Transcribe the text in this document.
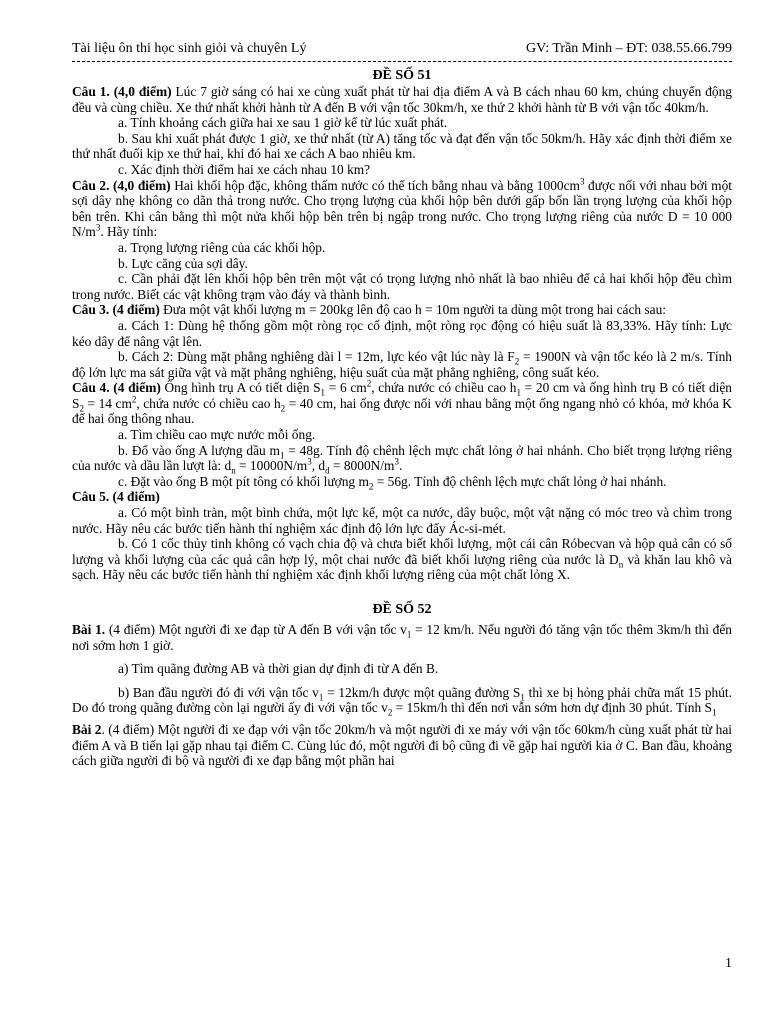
Tài liệu ôn thi học sinh giỏi và chuyên Lý	GV: Trần Minh – ĐT: 038.55.66.799
ĐỀ SỐ 51

Câu 1. (4,0 điểm) Lúc 7 giờ sáng có hai xe cùng xuất phát từ hai địa điểm A và B cách nhau 60 km, chúng chuyển động đều và cùng chiều. Xe thứ nhất khởi hành từ A đến B với vận tốc 30km/h, xe thứ 2 khởi hành từ B với vận tốc 40km/h.

a. Tính khoảng cách giữa hai xe sau 1 giờ kể từ lúc xuất phát.

b. Sau khi xuất phát được 1 giờ, xe thứ nhất (từ A) tăng tốc và đạt đến vận tốc 50km/h. Hãy xác định thời điểm xe thứ nhất đuổi kịp xe thứ hai, khi đó hai xe cách A bao nhiêu km.

c. Xác định thời điểm hai xe cách nhau 10 km?

Câu 2. (4,0 điểm) Hai khối hộp đặc, không thấm nước có thể tích bằng nhau và bằng $1000cm^3$ được nối với nhau bởi một sợi dây nhẹ không co dãn thả trong nước. Cho trọng lượng của khối hộp bên dưới gấp bốn lần trọng lượng của khối hộp bên trên. Khi cân bằng thì một nửa khối hộp bên trên bị ngập trong nước. Cho trọng lượng riêng của nước D = 10 000 $N/m^3$. Hãy tính:

a. Trọng lượng riêng của các khối hộp.

b. Lực căng của sợi dây.

c. Cần phải đặt lên khối hộp bên trên một vật có trọng lượng nhỏ nhất là bao nhiêu để cả hai khối hộp đều chìm trong nước. Biết các vật không trạm vào đáy và thành bình.

Câu 3. (4 điểm) Đưa một vật khối lượng m = 200kg lên độ cao h = 10m người ta dùng một trong hai cách sau:

a. Cách 1: Dùng hệ thống gồm một ròng rọc cố định, một ròng rọc động có hiệu suất là 83,33%. Hãy tính: Lực kéo dây để nâng vật lên.

b. Cách 2: Dùng mặt phẳng nghiêng dài l = 12m, lực kéo vật lúc này là $F_2 = 1900N$ và vận tốc kéo là 2 m/s. Tính độ lớn lực ma sát giữa vật và mặt phẳng nghiêng, hiệu suất của mặt phẳng nghiêng, công suất kéo.

Câu 4. (4 điểm) Ống hình trụ A có tiết diện $S_1 = 6$ $cm^2$, chứa nước có chiều cao $h_1 = 20$ cm và ống hình trụ B có tiết diện $S_2 = 14$ $cm^2$, chứa nước có chiều cao $h_2 = 40$ cm, hai ống được nối với nhau bằng một ống ngang nhỏ có khóa, mở khóa K để hai ống thông nhau.

a. Tìm chiều cao mực nước mỗi ống.

b. Đổ vào ống A lượng dầu $m_1 = 48g$. Tính độ chênh lệch mực chất lỏng ở hai nhánh. Cho biết trọng lượng riêng của nước và dầu lần lượt là: $d_n = 10000N/m^3$, $d_d = 8000N/m^3$.

c. Đặt vào ống B một pít tông có khối lượng $m_2 = 56g$. Tính độ chênh lệch mực chất lỏng ở hai nhánh.

Câu 5. (4 điểm)

a. Có một bình tràn, một bình chứa, một lực kế, một ca nước, dây buộc, một vật nặng có móc treo và chìm trong nước. Hãy nêu các bước tiến hành thí nghiệm xác định độ lớn lực đẩy Ác-si-mét.

b. Có 1 cốc thủy tinh không có vạch chia độ và chưa biết khối lượng, một cái cân Róbecvan và hộp quả cân có số lượng và khối lượng của các quả cân hợp lý, một chai nước đã biết khối lượng riêng của nước là $D_n$ và khăn lau khô và sạch. Hãy nêu các bước tiến hành thí nghiệm xác định khối lượng riêng của một chất lỏng X.

ĐỀ SỐ 52

Bài 1. (4 điểm) Một người đi xe đạp từ A đến B với vận tốc $v_1 = 12$ km/h. Nếu người đó tăng vận tốc thêm 3km/h thì đến nơi sớm hơn 1 giờ.

a) Tìm quãng đường AB và thời gian dự định đi từ A đến B.

b) Ban đầu người đó đi với vận tốc $v_1 = 12km/h$ được một quãng đường $S_1$ thì xe bị hỏng phải chữa mất 15 phút. Do đó trong quãng đường còn lại người ấy đi với vận tốc $v_2 = 15km/h$ thì đến nơi vẫn sớm hơn dự định 30 phút. Tính $S_1$

Bài 2. (4 điểm) Một người đi xe đạp với vận tốc 20km/h và một người đi xe máy với vận tốc 60km/h cùng xuất phát từ hai điểm A và B tiến lại gặp nhau tại điểm C. Cùng lúc đó, một người đi bộ cũng đi về gặp hai người kia ở C. Ban đầu, khoảng cách giữa người đi bộ và người đi xe đạp bằng một phần hai

1
